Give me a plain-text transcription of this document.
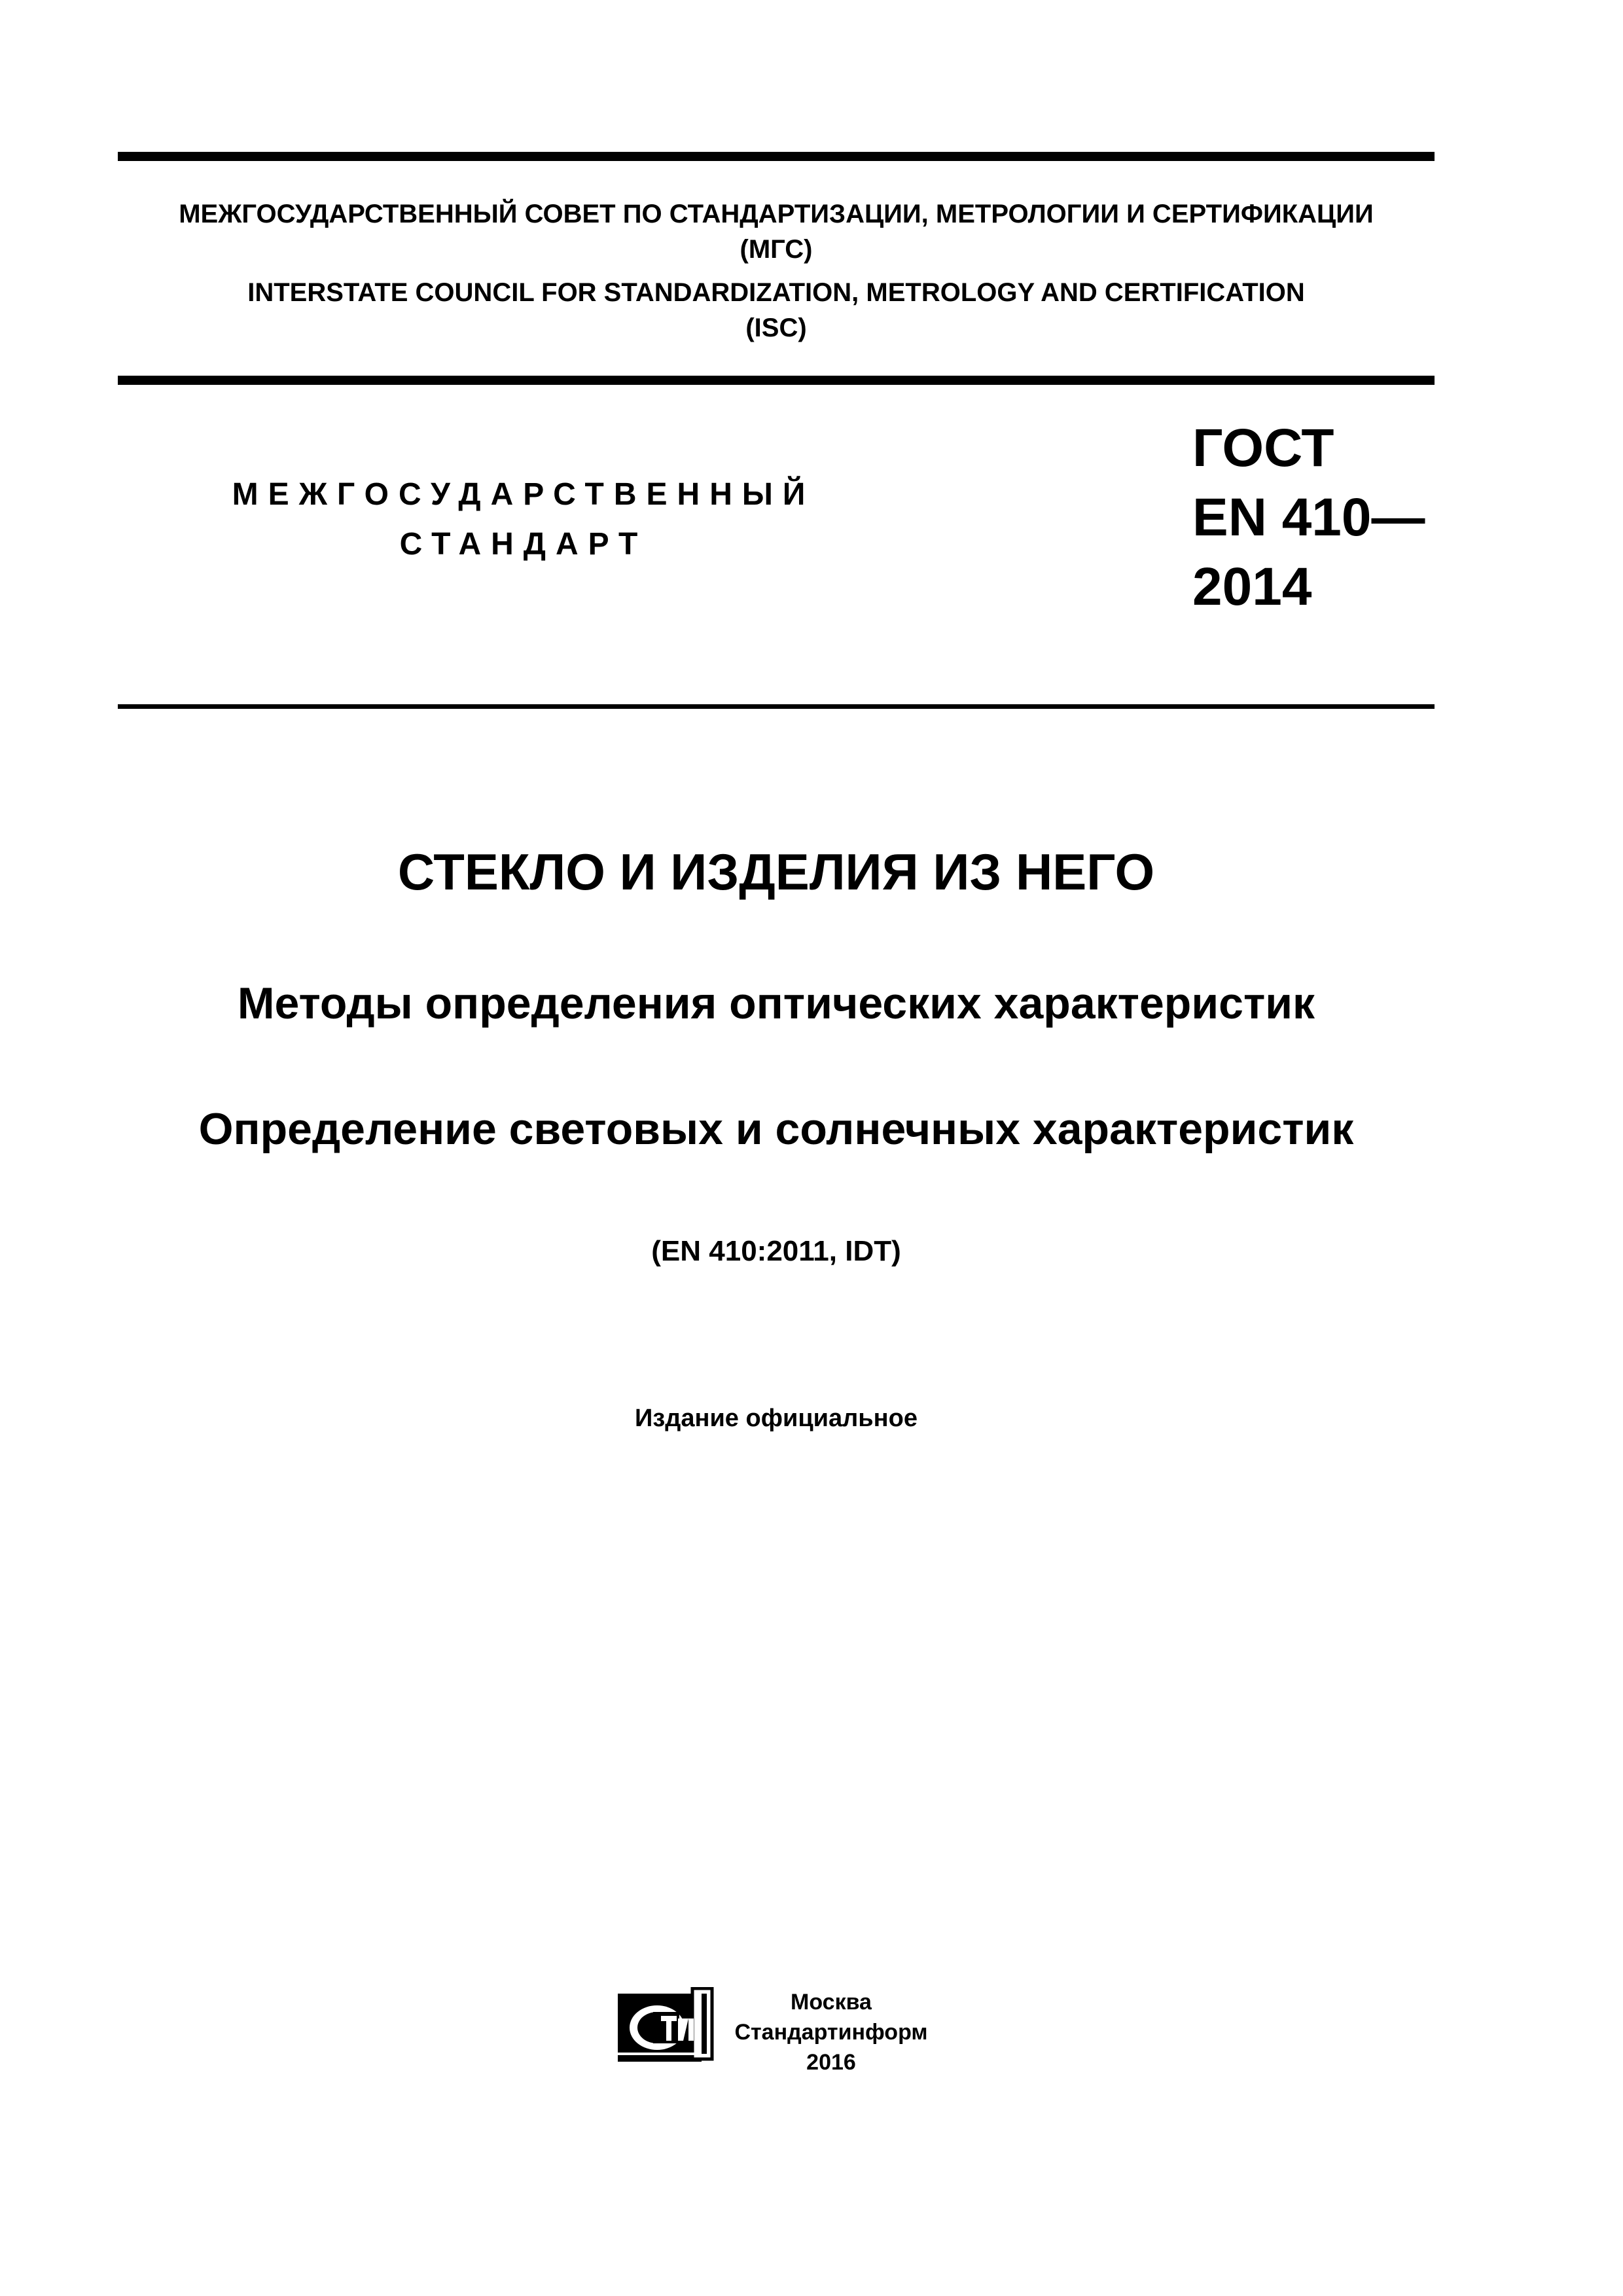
МЕЖГОСУДАРСТВЕННЫЙ СОВЕТ ПО СТАНДАРТИЗАЦИИ, МЕТРОЛОГИИ И СЕРТИФИКАЦИИ
(МГС)
INTERSTATE COUNCIL FOR STANDARDIZATION, METROLOGY AND CERTIFICATION
(ISC)
МЕЖГОСУДАРСТВЕННЫЙ
СТАНДАРТ
ГОСТ
EN 410—
2014
СТЕКЛО И ИЗДЕЛИЯ ИЗ НЕГО
Методы определения оптических характеристик
Определение световых и солнечных характеристик
(EN 410:2011, IDT)
Издание официальное
Москва
Стандартинформ
2016
